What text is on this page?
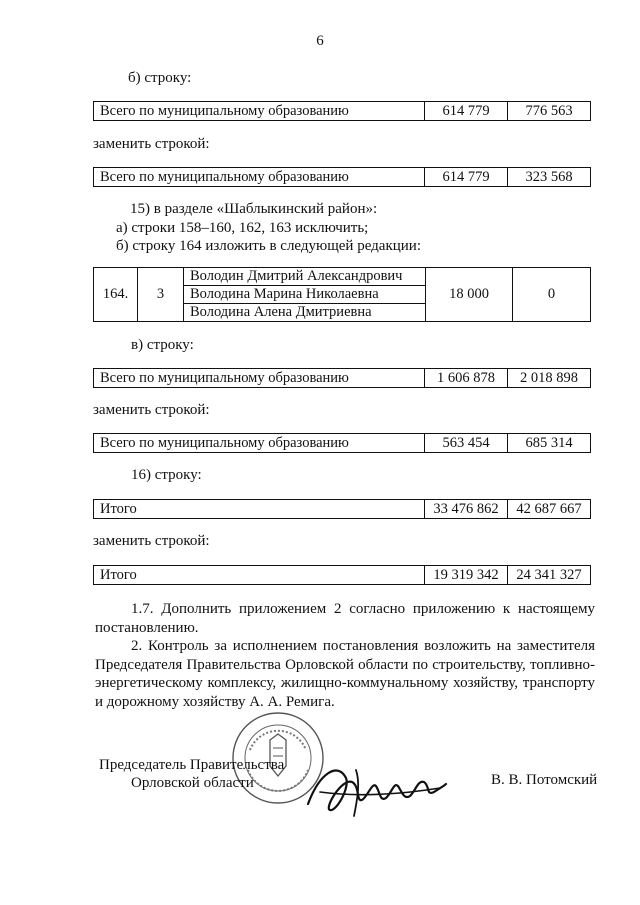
6
б) строку:
Всего по муниципальному образованию	614 779	776 563
заменить строкой:
Всего по муниципальному образованию	614 779	323 568
15) в разделе «Шаблыкинский район»:
а) строки 158–160, 162, 163 исключить;
б) строку 164 изложить в следующей редакции:
164.	3	Володин Дмитрий Александрович	18 000	0
Володина Марина Николаевна
Володина Алена Дмитриевна
в) строку:
Всего по муниципальному образованию	1 606 878	2 018 898
заменить строкой:
Всего по муниципальному образованию	563 454	685 314
16) строку:
Итого	33 476 862	42 687 667
заменить строкой:
Итого	19 319 342	24 341 327
1.7. Дополнить приложением 2 согласно приложению к настоящему постановлению.
2. Контроль за исполнением постановления возложить на заместителя Председателя Правительства Орловской области по строительству, топливно-энергетическому комплексу, жилищно-коммунальному хозяйству, транспорту и дорожному хозяйству А. А. Ремига.
Председатель Правительства
Орловской области	В. В. Потомский
